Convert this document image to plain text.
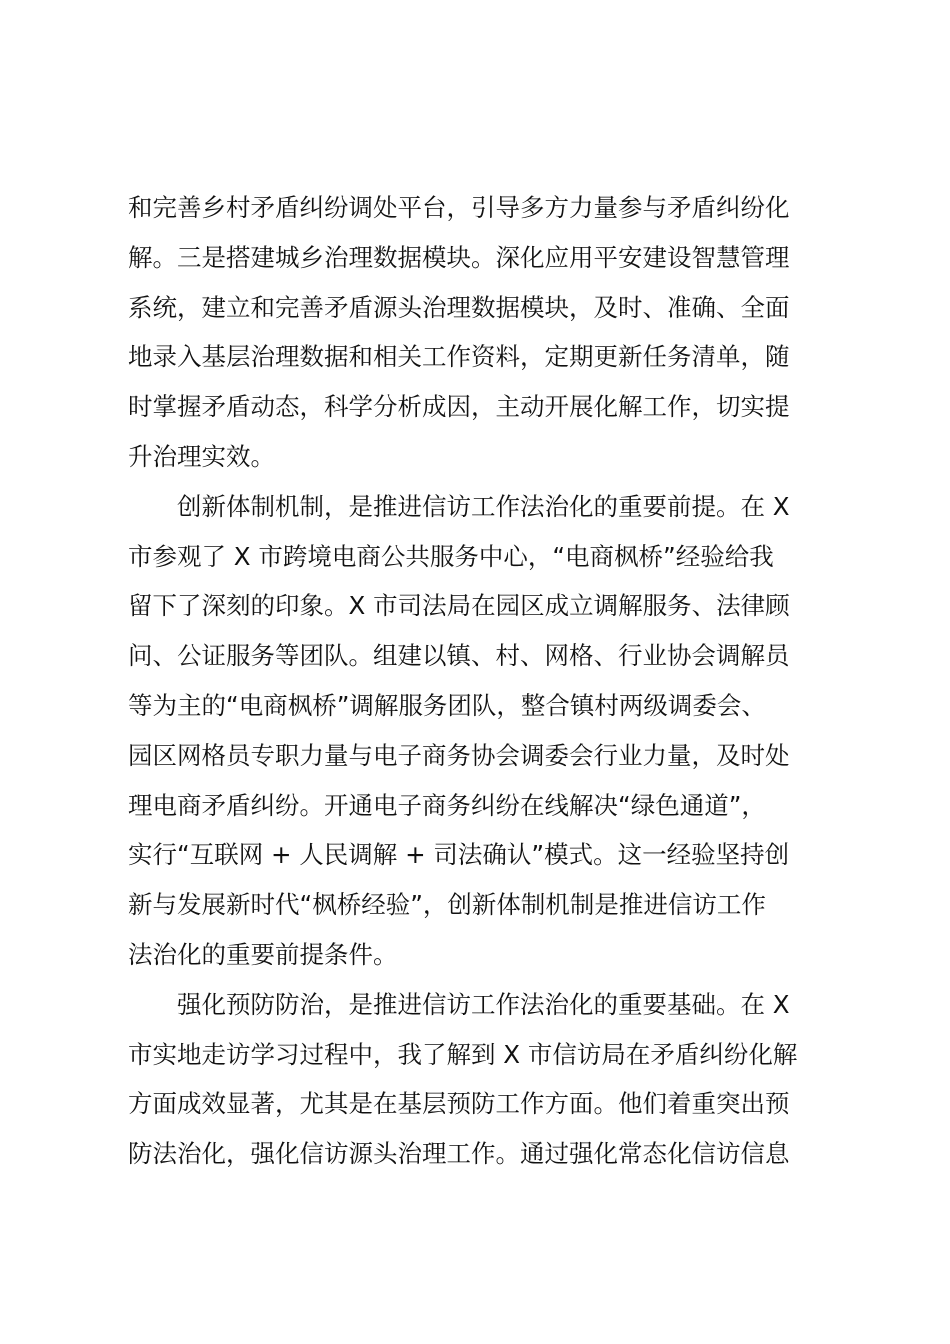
和完善乡村矛盾纠纷调处平台，引导多方力量参与矛盾纠纷化
解。三是搭建城乡治理数据模块。深化应用平安建设智慧管理
系统，建立和完善矛盾源头治理数据模块，及时、准确、全面
地录入基层治理数据和相关工作资料，定期更新任务清单，随
时掌握矛盾动态，科学分析成因，主动开展化解工作，切实提
升治理实效。
　　创新体制机制，是推进信访工作法治化的重要前提。在 X
市参观了 X 市跨境电商公共服务中心，“电商枫桥”经验给我
留下了深刻的印象。X 市司法局在园区成立调解服务、法律顾
问、公证服务等团队。组建以镇、村、网格、行业协会调解员
等为主的“电商枫桥”调解服务团队，整合镇村两级调委会、
园区网格员专职力量与电子商务协会调委会行业力量，及时处
理电商矛盾纠纷。开通电子商务纠纷在线解决“绿色通道”，
实行“互联网 + 人民调解 + 司法确认”模式。这一经验坚持创
新与发展新时代“枫桥经验”，创新体制机制是推进信访工作
法治化的重要前提条件。
　　强化预防防治，是推进信访工作法治化的重要基础。在 X
市实地走访学习过程中，我了解到 X 市信访局在矛盾纠纷化解
方面成效显著，尤其是在基层预防工作方面。他们着重突出预
防法治化，强化信访源头治理工作。通过强化常态化信访信息
